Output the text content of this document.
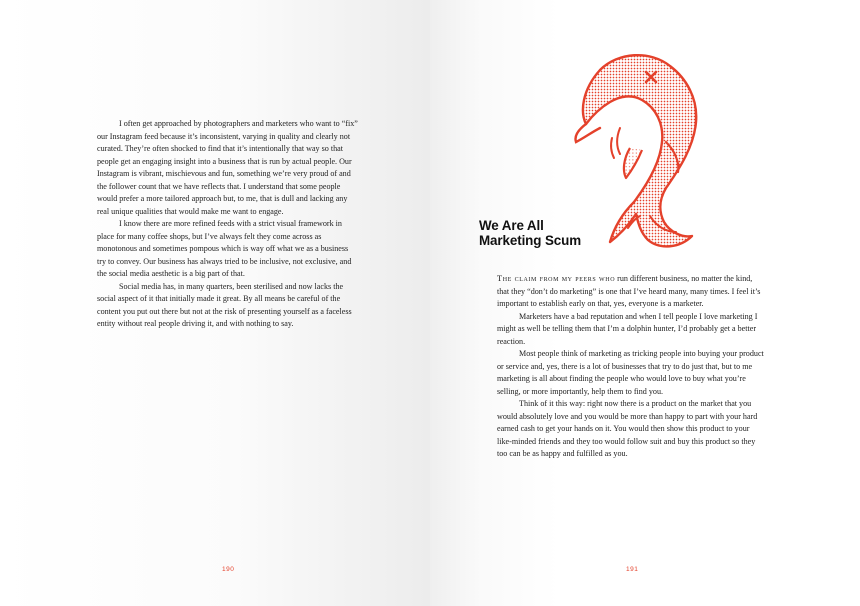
I often get approached by photographers and marketers who want to “fix” our Instagram feed because it’s inconsistent, varying in quality and clearly not curated. They’re often shocked to find that it’s intentionally that way so that people get an engaging insight into a business that is run by actual people. Our Instagram is vibrant, mischievous and fun, something we’re very proud of and the follower count that we have reflects that. I understand that some people would prefer a more tailored approach but, to me, that is dull and lacking any real unique qualities that would make me want to engage.

I know there are more refined feeds with a strict visual framework in place for many coffee shops, but I’ve always felt they come across as monotonous and sometimes pompous which is way off what we as a business try to convey. Our business has always tried to be inclusive, not exclusive, and the social media aesthetic is a big part of that.

Social media has, in many quarters, been sterilised and now lacks the social aspect of it that initially made it great. By all means be careful of the content you put out there but not at the risk of presenting yourself as a faceless entity without real people driving it, and with nothing to say.

190
We Are All
Marketing Scum

The claim from my peers who run different business, no matter the kind, that they “don’t do marketing” is one that I’ve heard many, many times. I feel it’s important to establish early on that, yes, everyone is a marketer.

Marketers have a bad reputation and when I tell people I love marketing I might as well be telling them that I’m a dolphin hunter, I’d probably get a better reaction.

Most people think of marketing as tricking people into buying your product or service and, yes, there is a lot of businesses that try to do just that, but to me marketing is all about finding the people who would love to buy what you’re selling, or more importantly, help them to find you.

Think of it this way: right now there is a product on the market that you would absolutely love and you would be more than happy to part with your hard earned cash to get your hands on it. You would then show this product to your like-minded friends and they too would follow suit and buy this product so they too can be as happy and fulfilled as you.

191
